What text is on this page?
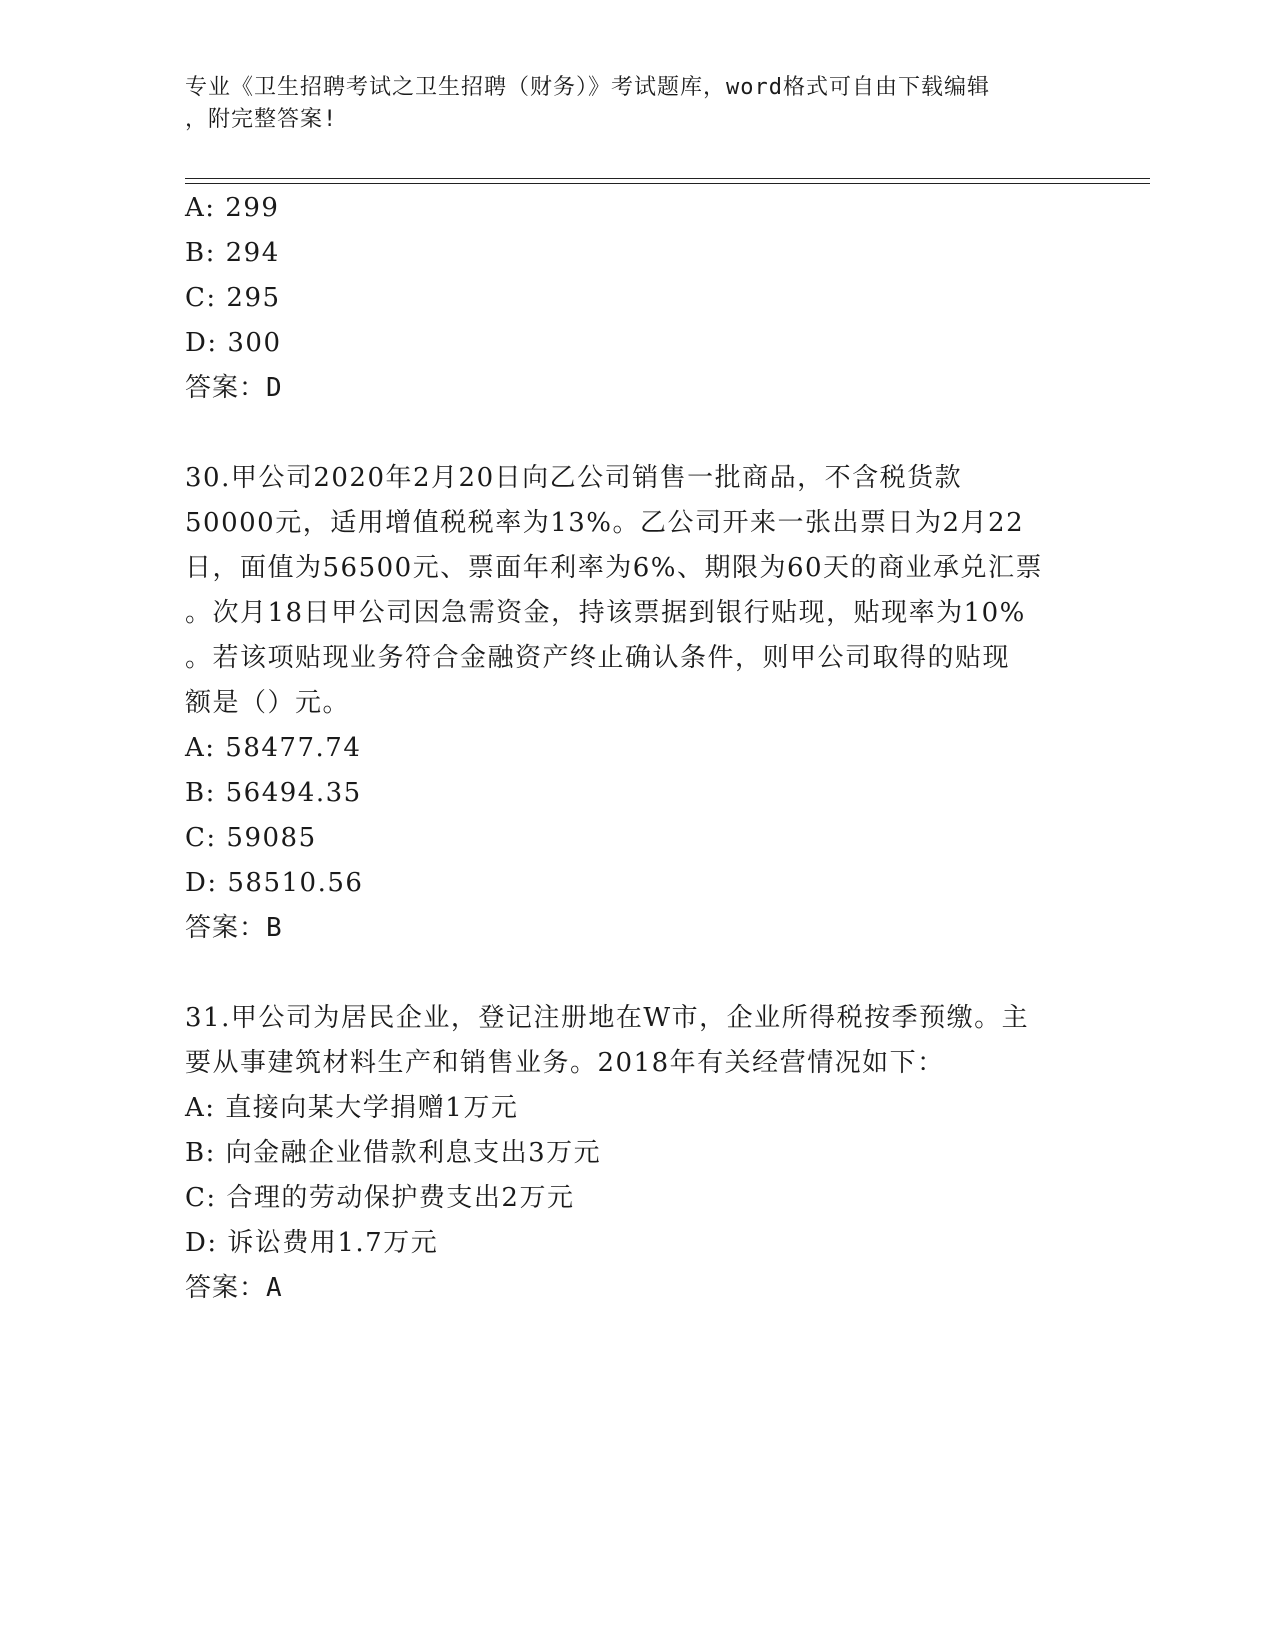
专业《卫生招聘考试之卫生招聘（财务）》考试题库，word格式可自由下载编辑
，附完整答案!
A: 299
B: 294
C: 295
D: 300
答案：D
30.甲公司2020年2月20日向乙公司销售一批商品，不含税货款
50000元，适用增值税税率为13%。乙公司开来一张出票日为2月22
日，面值为56500元、票面年利率为6%、期限为60天的商业承兑汇票
。次月18日甲公司因急需资金，持该票据到银行贴现，贴现率为10%
。若该项贴现业务符合金融资产终止确认条件，则甲公司取得的贴现
额是（）元。
A: 58477.74
B: 56494.35
C: 59085
D: 58510.56
答案：B
31.甲公司为居民企业，登记注册地在W市，企业所得税按季预缴。主
要从事建筑材料生产和销售业务。2018年有关经营情况如下：
A: 直接向某大学捐赠1万元
B: 向金融企业借款利息支出3万元
C: 合理的劳动保护费支出2万元
D: 诉讼费用1.7万元
答案：A
